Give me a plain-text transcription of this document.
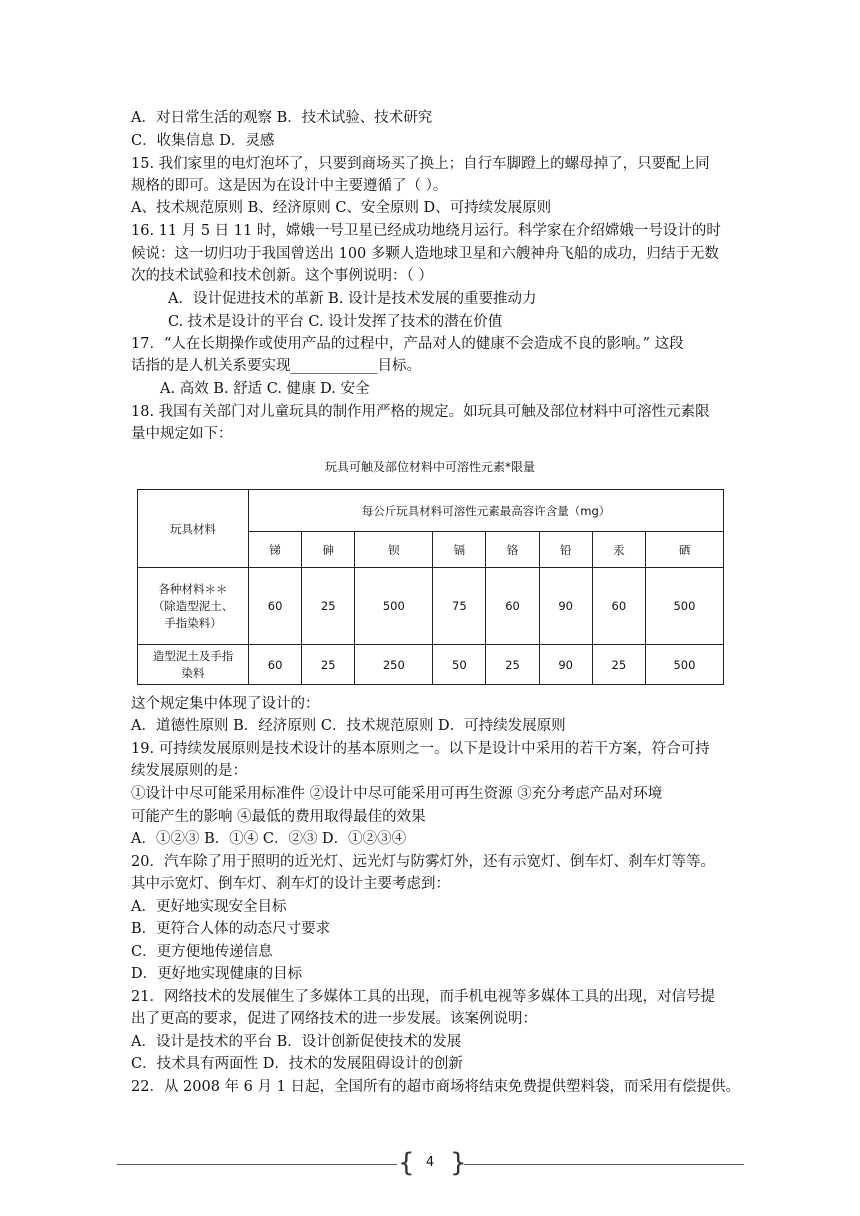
A．对日常生活的观察 B．技术试验、技术研究
C．收集信息 D．灵感
15. 我们家里的电灯泡坏了，只要到商场买了换上；自行车脚蹬上的螺母掉了，只要配上同
规格的即可。这是因为在设计中主要遵循了（ ）。
A、技术规范原则 B、经济原则 C、安全原则 D、可持续发展原则
16. 11 月 5 日 11 时，嫦娥一号卫星已经成功地绕月运行。科学家在介绍嫦娥一号设计的时
候说：这一切归功于我国曾送出 100 多颗人造地球卫星和六艘神舟飞船的成功，归结于无数
次的技术试验和技术创新。这个事例说明：（ ）
A．设计促进技术的革新 B. 设计是技术发展的重要推动力
C. 技术是设计的平台 C. 设计发挥了技术的潜在价值
17．“人在长期操作或使用产品的过程中，产品对人的健康不会造成不良的影响。” 这段
话指的是人机关系要实现____________目标。
A. 高效 B. 舒适 C. 健康 D. 安全
18. 我国有关部门对儿童玩具的制作用严格的规定。如玩具可触及部位材料中可溶性元素限
量中规定如下：
这个规定集中体现了设计的：
A．道德性原则 B．经济原则 C．技术规范原则 D．可持续发展原则
19. 可持续发展原则是技术设计的基本原则之一。以下是设计中采用的若干方案，符合可持
续发展原则的是：
①设计中尽可能采用标准件 ②设计中尽可能采用可再生资源 ③充分考虑产品对环境
可能产生的影响 ④最低的费用取得最佳的效果
A．①②③ B．①④ C．②③ D．①②③④
20．汽车除了用于照明的近光灯、远光灯与防雾灯外，还有示宽灯、倒车灯、刹车灯等等。
其中示宽灯、倒车灯、刹车灯的设计主要考虑到：
A．更好地实现安全目标
B．更符合人体的动态尺寸要求
C．更方便地传递信息
D．更好地实现健康的目标
21．网络技术的发展催生了多媒体工具的出现，而手机电视等多媒体工具的出现，对信号提
出了更高的要求，促进了网络技术的进一步发展。该案例说明：
A．设计是技术的平台 B．设计创新促使技术的发展
C．技术具有两面性 D．技术的发展阻碍设计的创新
22．从 2008 年 6 月 1 日起，全国所有的超市商场将结束免费提供塑料袋，而采用有偿提供。
玩具可触及部位材料中可溶性元素*限量
玩具材料	每公斤玩具材料可溶性元素最高容许含量（mg）							
	锑	砷	钡	镉	铬	铅	汞	硒
各种材料＊＊（除造型泥土、手指染料）	60	25	500	75	60	90	60	500
造型泥土及手指染料	60	25	250	50	25	90	25	500
{ 4 }
